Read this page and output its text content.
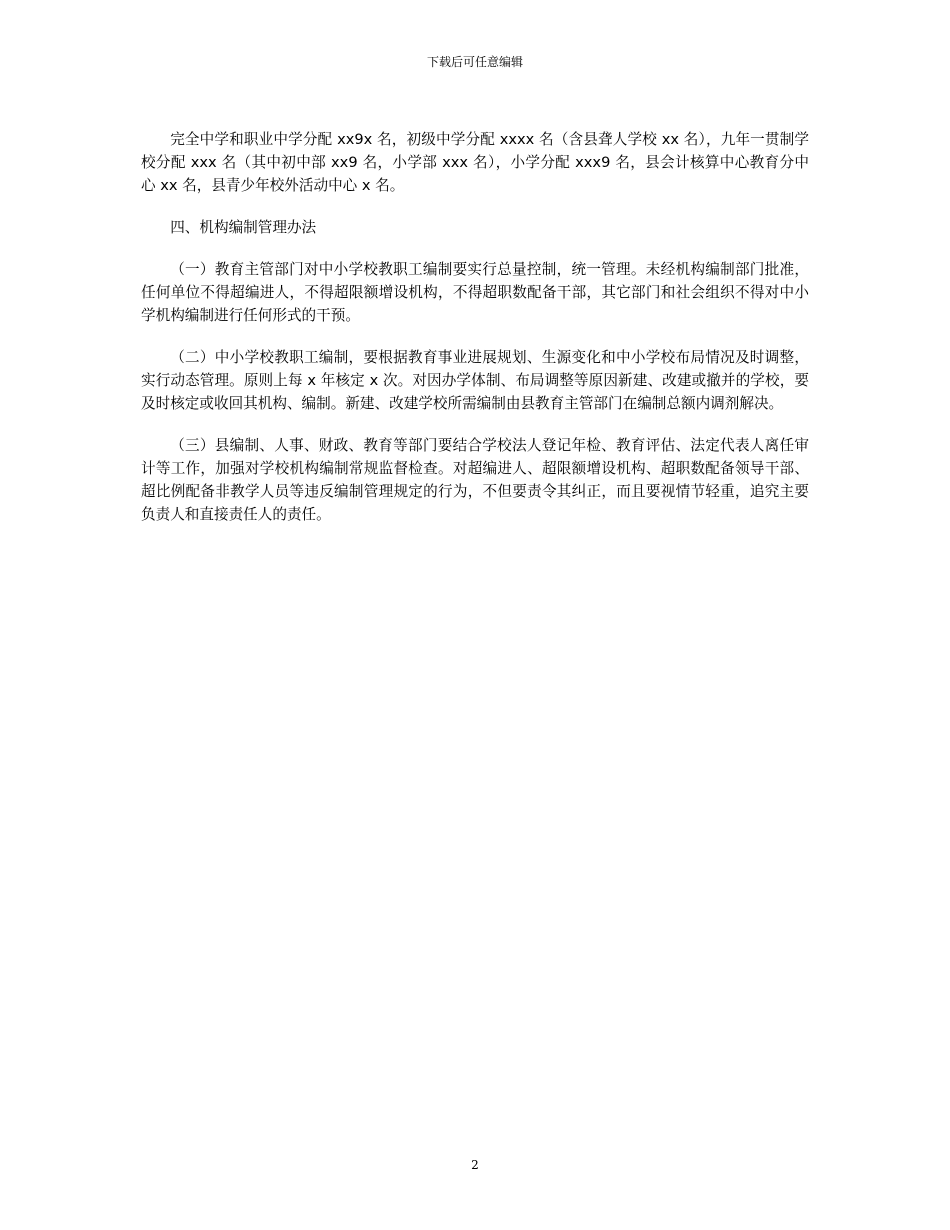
下载后可任意编辑

完全中学和职业中学分配 xx9x 名，初级中学分配 xxxx 名（含县聋人学校 xx 名），九年一贯制学校分配 xxx 名（其中初中部 xx9 名，小学部 xxx 名），小学分配 xxx9 名，县会计核算中心教育分中心 xx 名，县青少年校外活动中心 x 名。

四、机构编制管理办法

（一）教育主管部门对中小学校教职工编制要实行总量控制，统一管理。未经机构编制部门批准，任何单位不得超编进人，不得超限额增设机构，不得超职数配备干部，其它部门和社会组织不得对中小学机构编制进行任何形式的干预。

（二）中小学校教职工编制，要根据教育事业进展规划、生源变化和中小学校布局情况及时调整，实行动态管理。原则上每 x 年核定 x 次。对因办学体制、布局调整等原因新建、改建或撤并的学校，要及时核定或收回其机构、编制。新建、改建学校所需编制由县教育主管部门在编制总额内调剂解决。

（三）县编制、人事、财政、教育等部门要结合学校法人登记年检、教育评估、法定代表人离任审计等工作，加强对学校机构编制常规监督检查。对超编进人、超限额增设机构、超职数配备领导干部、超比例配备非教学人员等违反编制管理规定的行为，不但要责令其纠正，而且要视情节轻重，追究主要负责人和直接责任人的责任。

2
